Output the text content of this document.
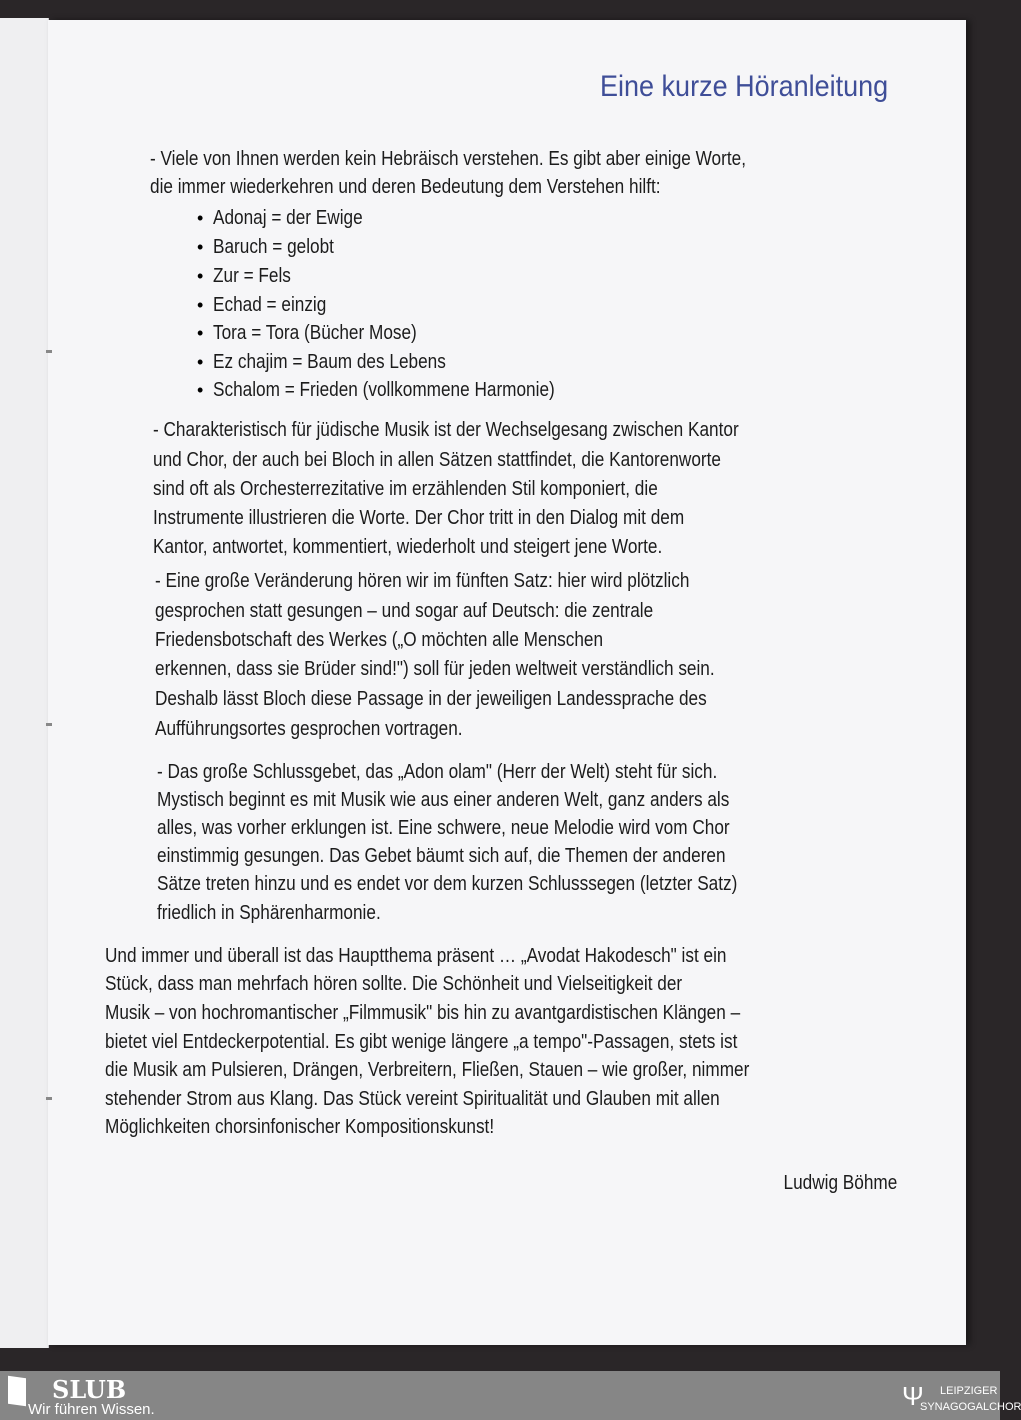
Eine kurze Höranleitung
- Viele von Ihnen werden kein Hebräisch verstehen. Es gibt aber einige Worte,
die immer wiederkehren und deren Bedeutung dem Verstehen hilft:
• Adonaj = der Ewige
• Baruch = gelobt
• Zur = Fels
• Echad = einzig
• Tora = Tora (Bücher Mose)
• Ez chajim = Baum des Lebens
• Schalom = Frieden (vollkommene Harmonie)
- Charakteristisch für jüdische Musik ist der Wechselgesang zwischen Kantor
und Chor, der auch bei Bloch in allen Sätzen stattfindet, die Kantorenworte
sind oft als Orchesterrezitative im erzählenden Stil komponiert, die
Instrumente illustrieren die Worte. Der Chor tritt in den Dialog mit dem
Kantor, antwortet, kommentiert, wiederholt und steigert jene Worte.
- Eine große Veränderung hören wir im fünften Satz: hier wird plötzlich
gesprochen statt gesungen – und sogar auf Deutsch: die zentrale
Friedensbotschaft des Werkes („O möchten alle Menschen
erkennen, dass sie Brüder sind!") soll für jeden weltweit verständlich sein.
Deshalb lässt Bloch diese Passage in der jeweiligen Landessprache des
Aufführungsortes gesprochen vortragen.
- Das große Schlussgebet, das „Adon olam" (Herr der Welt) steht für sich.
Mystisch beginnt es mit Musik wie aus einer anderen Welt, ganz anders als
alles, was vorher erklungen ist. Eine schwere, neue Melodie wird vom Chor
einstimmig gesungen. Das Gebet bäumt sich auf, die Themen der anderen
Sätze treten hinzu und es endet vor dem kurzen Schlusssegen (letzter Satz)
friedlich in Sphärenharmonie.
Und immer und überall ist das Hauptthema präsent … „Avodat Hakodesch" ist ein
Stück, dass man mehrfach hören sollte. Die Schönheit und Vielseitigkeit der
Musik – von hochromantischer „Filmmusik" bis hin zu avantgardistischen Klängen –
bietet viel Entdeckerpotential. Es gibt wenige längere „a tempo"-Passagen, stets ist
die Musik am Pulsieren, Drängen, Verbreitern, Fließen, Stauen – wie großer, nimmer
stehender Strom aus Klang. Das Stück vereint Spiritualität und Glauben mit allen
Möglichkeiten chorsinfonischer Kompositionskunst!
Ludwig Böhme
SLUB
Wir führen Wissen.	Ψ LEIPZIGER
SYNAGOGALCHOR
